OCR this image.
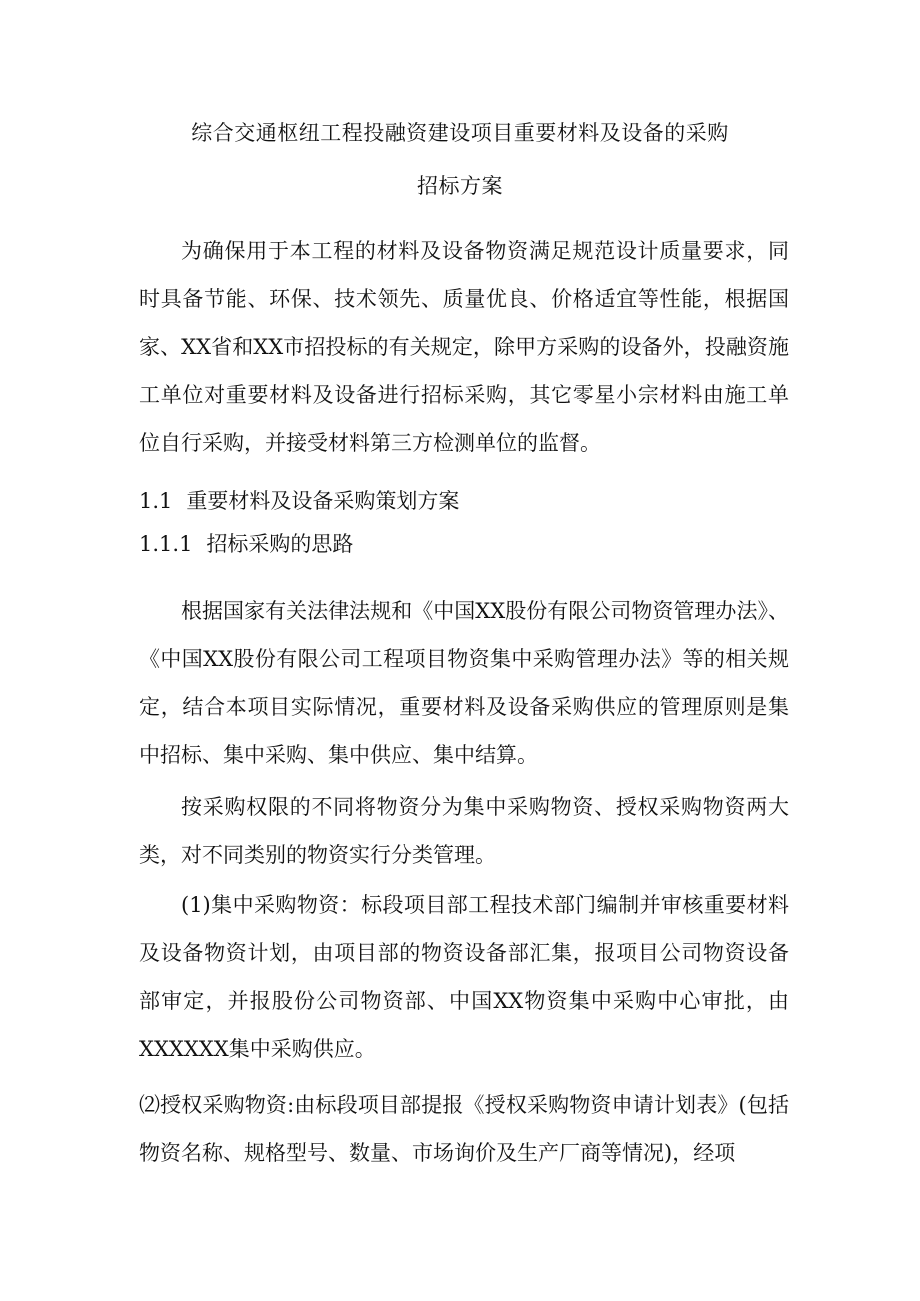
综合交通枢纽工程投融资建设项目重要材料及设备的采购
招标方案
为确保用于本工程的材料及设备物资满足规范设计质量要求，同时具备节能、环保、技术领先、质量优良、价格适宜等性能，根据国家、XX省和XX市招投标的有关规定，除甲方采购的设备外，投融资施工单位对重要材料及设备进行招标采购，其它零星小宗材料由施工单位自行采购，并接受材料第三方检测单位的监督。
1.1 重要材料及设备采购策划方案
1.1.1 招标采购的思路
根据国家有关法律法规和《中国XX股份有限公司物资管理办法》、《中国XX股份有限公司工程项目物资集中采购管理办法》等的相关规定，结合本项目实际情况，重要材料及设备采购供应的管理原则是集中招标、集中采购、集中供应、集中结算。
按采购权限的不同将物资分为集中采购物资、授权采购物资两大类，对不同类别的物资实行分类管理。
(1)集中采购物资：标段项目部工程技术部门编制并审核重要材料及设备物资计划，由项目部的物资设备部汇集，报项目公司物资设备部审定，并报股份公司物资部、中国XX物资集中采购中心审批，由XXXXXX集中采购供应。
⑵授权采购物资:由标段项目部提报《授权采购物资申请计划表》(包括物资名称、规格型号、数量、市场询价及生产厂商等情况)，经项
